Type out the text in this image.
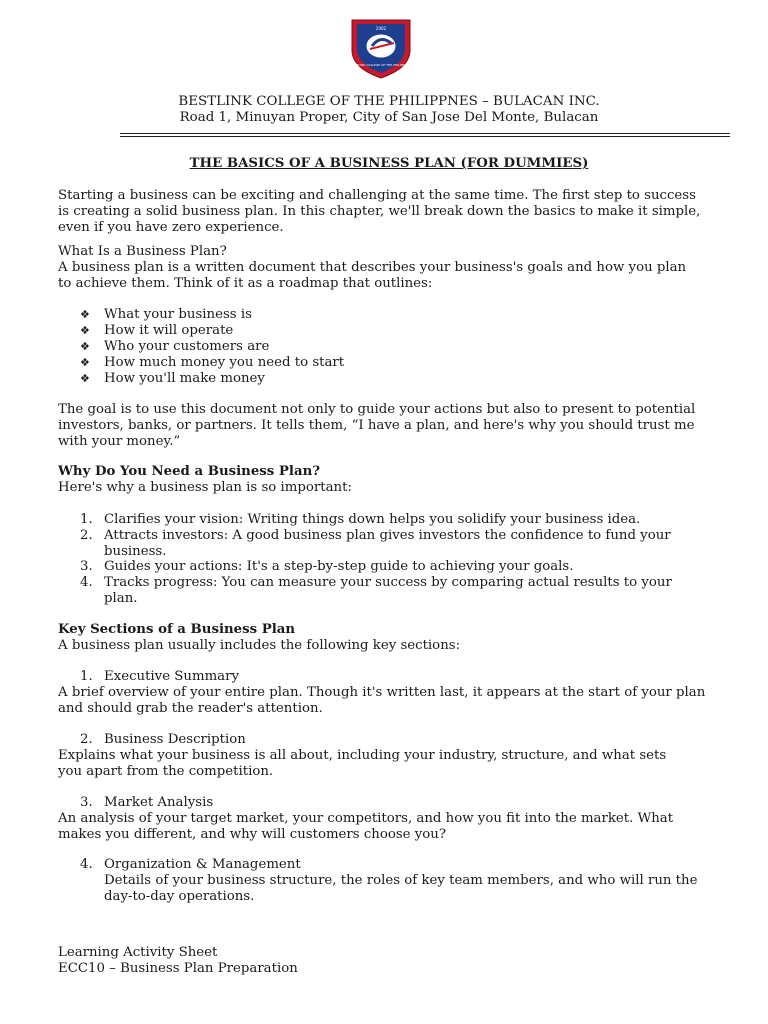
2002
BESTLINK COLLEGE OF THE PHILIPPINES
BESTLINK COLLEGE OF THE PHILIPPNES – BULACAN INC.
Road 1, Minuyan Proper, City of San Jose Del Monte, Bulacan
THE BASICS OF A BUSINESS PLAN (FOR DUMMIES)
Starting a business can be exciting and challenging at the same time. The first step to success
is creating a solid business plan. In this chapter, we'll break down the basics to make it simple,
even if you have zero experience.
What Is a Business Plan?
A business plan is a written document that describes your business's goals and how you plan
to achieve them. Think of it as a roadmap that outlines:
❖ What your business is
❖ How it will operate
❖ Who your customers are
❖ How much money you need to start
❖ How you'll make money
The goal is to use this document not only to guide your actions but also to present to potential
investors, banks, or partners. It tells them, “I have a plan, and here's why you should trust me
with your money.”
Why Do You Need a Business Plan?
Here's why a business plan is so important:
1. Clarifies your vision: Writing things down helps you solidify your business idea.
2. Attracts investors: A good business plan gives investors the confidence to fund your
business.
3. Guides your actions: It's a step-by-step guide to achieving your goals.
4. Tracks progress: You can measure your success by comparing actual results to your
plan.
Key Sections of a Business Plan
A business plan usually includes the following key sections:
1. Executive Summary
A brief overview of your entire plan. Though it's written last, it appears at the start of your plan
and should grab the reader's attention.
2. Business Description
Explains what your business is all about, including your industry, structure, and what sets
you apart from the competition.
3. Market Analysis
An analysis of your target market, your competitors, and how you fit into the market. What
makes you different, and why will customers choose you?
4. Organization & Management
Details of your business structure, the roles of key team members, and who will run the
day-to-day operations.
Learning Activity Sheet
ECC10 – Business Plan Preparation
